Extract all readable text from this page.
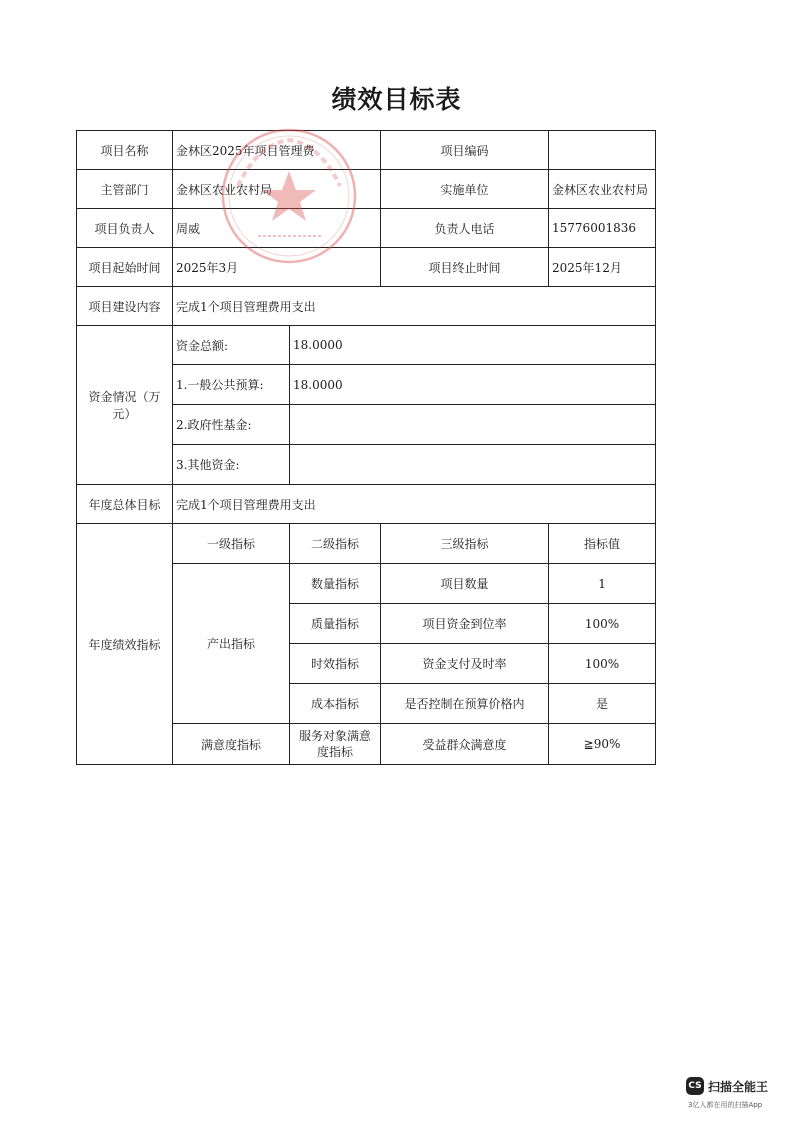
绩效目标表
项目名称	金林区2025年项目管理费		项目编码	
主管部门	金林区农业农村局		实施单位	金林区农业农村局
项目负责人	周威		负责人电话	15776001836
项目起始时间	2025年3月		项目终止时间	2025年12月
项目建设内容	完成1个项目管理费用支出			
资金情况（万元）	资金总额:	18.0000		
	1.一般公共预算:	18.0000		
	2.政府性基金:			
	3.其他资金:			
年度总体目标	完成1个项目管理费用支出			
年度绩效指标	一级指标	二级指标	三级指标	指标值
	产出指标	数量指标	项目数量	1
		质量指标	项目资金到位率	100%
		时效指标	资金支付及时率	100%
		成本指标	是否控制在预算价格内	是
	满意度指标	服务对象满意度指标	受益群众满意度	≧90%
CS 扫描全能王
3亿人都在用的扫描App
